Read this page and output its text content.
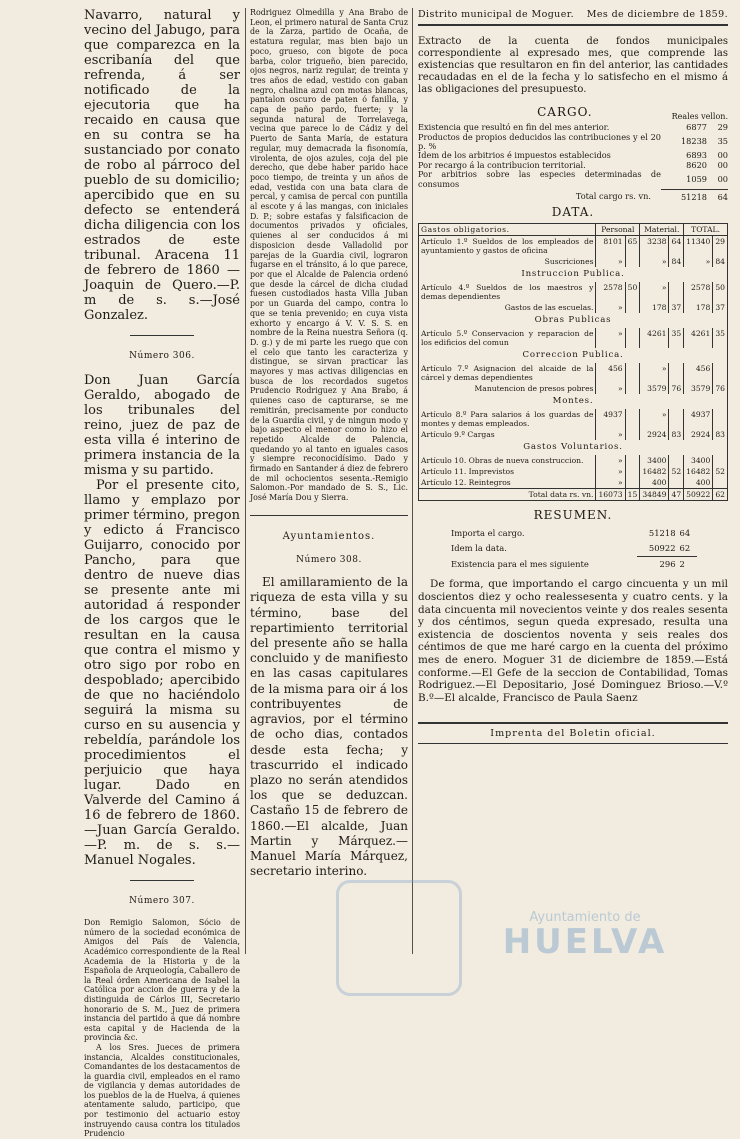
Navarro, natural y vecino del Jabugo, para que comparezca en la escribanía del que refrenda, á ser notificado de la ejecutoria que ha recaido en causa que en su contra se ha sustanciado por conato de robo al párroco del pueblo de su domicilio; apercibido que en su defecto se entenderá dicha diligencia con los estrados de este tribunal. Aracena 11 de febrero de 1860 —Joaquin de Quero.—P. m de s. s.—José Gonzalez.

Número 306.

Don Juan García Geraldo, abogado de los tribunales del reino, juez de paz de esta villa é interino de primera instancia de la misma y su partido.

Por el presente cito, llamo y emplazo por primer término, pregon y edicto á Francisco Guijarro, conocido por Pancho, para que dentro de nueve dias se presente ante mi autoridad á responder de los cargos que le resultan en la causa que contra el mismo y otro sigo por robo en despoblado; apercibido de que no haciéndolo seguirá la misma su curso en su ausencia y rebeldía, parándole los procedimientos el perjuicio que haya lugar. Dado en Valverde del Camino á 16 de febrero de 1860.—Juan García Geraldo.—P. m. de s. s.—Manuel Nogales.

Número 307.

Don Remigio Salomon, Sócio de número de la sociedad económica de Amigos del País de Valencia, Académico correspondiente de la Real Academia de la Historia y de la Española de Arqueología, Caballero de la Real órden Americana de Isabel la Católica por accion de guerra y de la distinguida de Cárlos III, Secretario honorario de S. M., Juez de primera instancia del partido á que dá nombre esta capital y de Hacienda de la provincia &c.

A los Sres. Jueces de primera instancia, Alcaldes constitucionales, Comandantes de los destacamentos de la guardia civil, empleados en el ramo de vigilancia y demas autoridades de los pueblos de la de Huelva, á quienes atentamente saludo, participo, que por testimonio del actuario estoy instruyendo causa contra los titulados Prudencio

Rodriguez Olmedilla y Ana Brabo de Leon, el primero natural de Santa Cruz de la Zarza, partido de Ocaña, de estatura regular, mas bien bajo un poco, grueso, con bigote de poca barba, color trigueño, bien parecido, ojos negros, nariz regular, de treinta y tres años de edad, vestido con gaban negro, chalina azul con motas blancas, pantalon oscuro de paten ó fanilla, y capa de paño pardo, fuerte; y la segunda natural de Torrelavega, vecina que parece lo de Cádiz y del Puerto de Santa María, de estatura regular, muy demacrada la fisonomía, virolenta, de ojos azules, coja del pie derecho, que debe haber parido hace poco tiempo, de treinta y un años de edad, vestida con una bata clara de percal, y camisa de percal con puntilla al escote y á las mangas, con iniciales D. P.; sobre estafas y falsificacion de documentos privados y oficiales, quienes al ser conducidos á mi disposicion desde Valladolid por parejas de la Guardia civil, lograron fugarse en el tránsito, á lo que parece, por que el Alcalde de Palencia ordenó que desde la cárcel de dicha ciudad fuesen custodiados hasta Villa Juban por un Guarda del campo, contra lo que se tenia prevenido; en cuya vista exhorto y encargo á V. V. S. S. en nombre de la Reina nuestra Señora (q. D. g.) y de mi parte les ruego que con el celo que tanto les caracteriza y distingue, se sirvan practicar las mayores y mas activas diligencias en busca de los recordados sugetos Prudencio Rodriguez y Ana Brabo, á quienes caso de capturarse, se me remitirán, precisamente por conducto de la Guardia civil, y de ningun modo y bajo aspecto el menor como lo hizo el repetido Alcalde de Palencia, quedando yo al tanto en iguales casos y siempre reconocidísimo. Dado y firmado en Santander á diez de febrero de mil ochocientos sesenta.-Remigio Salomon.-Por mandado de S. S., Lic. José María Dou y Sierra.

Ayuntamientos.

Número 308.

El amillaramiento de la riqueza de esta villa y su término, base del repartimiento territorial del presente año se halla concluido y de manifiesto en las casas capitulares de la misma para oir á los contribuyentes de agravios, por el término de ocho dias, contados desde esta fecha; y trascurrido el indicado plazo no serán atendidos los que se deduzcan. Castaño 15 de febrero de 1860.—El alcalde, Juan Martin y Márquez.—Manuel María Márquez, secretario interino.

Distrito municipal de Moguer. Mes de diciembre de 1859.

Extracto de la cuenta de fondos municipales correspondiente al expresado mes, que comprende las existencias que resultaron en fin del anterior, las cantidades recaudadas en el de la fecha y lo satisfecho en el mismo á las obligaciones del presupuesto.

CARGO.	Reales vellon.
Existencia que resultó en fin del mes anterior.	6877	29
Productos de propios deducidos las contribuciones y el 20 p. %	18238	35
Idem de los arbitrios é impuestos establecidos	6893	00
Por recargo á la contribucion territorial.	8620	00
Por arbitrios sobre las especies determinadas de consumos	1059	00
Total cargo rs. vn.	51218	64

DATA.

Gastos obligatorios.	Personal		Material.		TOTAL.	
Artículo 1.º Sueldos de los empleados de ayuntamiento y gastos de oficina	8101	65	3238	64	11340	29
Suscriciones	»		»	84	»	84
Instruccion Publica.						
Artículo 4.º Sueldos de los maestros y demas dependientes	2578	50	»		2578	50
Gastos de las escuelas.	»		178	37	178	37
Obras Publicas						
Artículo 5.º Conservacion y reparacion de los edificios del comun	»		4261	35	4261	35
Correccion Publica.						
Artículo 7.º Asignacion del alcaide de la cárcel y demas dependientes	456		»		456	
Manutencion de presos pobres	»		3579	76	3579	76
Montes.						
Artículo 8.º Para salarios á los guardas de montes y demas empleados.	4937		»		4937	
Artículo 9.º Cargas	»		2924	83	2924	83
Gastos Voluntarios.						
Artículo 10. Obras de nueva construccion.	»		3400		3400	
Artículo 11. Imprevistos	»		16482	52	16482	52
Artículo 12. Reintegros	»		400		400	
Total data rs. vn.	16073	15	34849	47	50922	62

RESUMEN.

Importa el cargo.	51218	64
Idem la data.	50922	62
Existencia para el mes siguiente	296	2

De forma, que importando el cargo cincuenta y un mil doscientos diez y ocho realessesenta y cuatro cents. y la data cincuenta mil novecientos veinte y dos reales sesenta y dos céntimos, segun queda expresado, resulta una existencia de doscientos noventa y seis reales dos céntimos de que me haré cargo en la cuenta del próximo mes de enero. Moguer 31 de diciembre de 1859.—Está conforme.—El Gefe de la seccion de Contabilidad, Tomas Rodriguez.—El Depositario, José Dominguez Brioso.—V.º B.º—El alcalde, Francisco de Paula Saenz

Imprenta del Boletin oficial.

Ayuntamiento de
HUELVA
